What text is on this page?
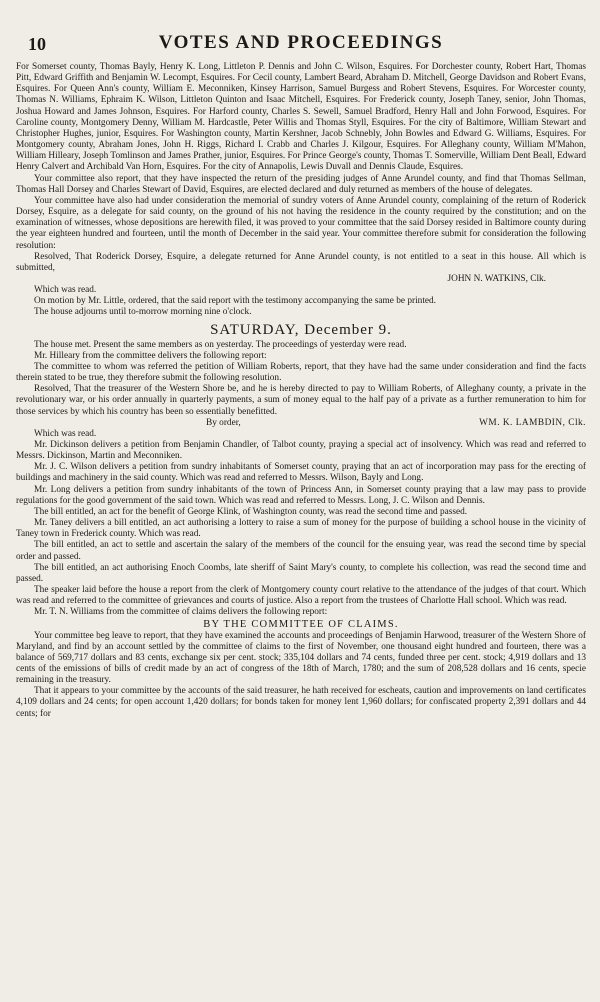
10	VOTES AND PROCEEDINGS

For Somerset county, Thomas Bayly, Henry K. Long, Littleton P. Dennis and John C. Wilson, Esquires. For Dorchester county, Robert Hart, Thomas Pitt, Edward Griffith and Benjamin W. Lecompt, Esquires. For Cecil county, Lambert Beard, Abraham D. Mitchell, George Davidson and Robert Evans, Esquires. For Queen Ann's county, William E. Meconniken, Kinsey Harrison, Samuel Burgess and Robert Stevens, Esquires. For Worcester county, Thomas N. Williams, Ephraim K. Wilson, Littleton Quinton and Isaac Mitchell, Esquires. For Frederick county, Joseph Taney, senior, John Thomas, Joshua Howard and James Johnson, Esquires. For Harford county, Charles S. Sewell, Samuel Bradford, Henry Hall and John Forwood, Esquires. For Caroline county, Montgomery Denny, William M. Hardcastle, Peter Willis and Thomas Styll, Esquires. For the city of Baltimore, William Stewart and Christopher Hughes, junior, Esquires. For Washington county, Martin Kershner, Jacob Schnebly, John Bowles and Edward G. Williams, Esquires. For Montgomery county, Abraham Jones, John H. Riggs, Richard I. Crabb and Charles J. Kilgour, Esquires. For Alleghany county, William M'Mahon, William Hilleary, Joseph Tomlinson and James Prather, junior, Esquires. For Prince George's county, Thomas T. Somerville, William Dent Beall, Edward Henry Calvert and Archibald Van Horn, Esquires. For the city of Annapolis, Lewis Duvall and Dennis Claude, Esquires.

Your committee also report, that they have inspected the return of the presiding judges of Anne Arundel county, and find that Thomas Sellman, Thomas Hall Dorsey and Charles Stewart of David, Esquires, are elected declared and duly returned as members of the house of delegates.

Your committee have also had under consideration the memorial of sundry voters of Anne Arundel county, complaining of the return of Roderick Dorsey, Esquire, as a delegate for said county, on the ground of his not having the residence in the county required by the constitution; and on the examination of witnesses, whose depositions are herewith filed, it was proved to your committee that the said Dorsey resided in Baltimore county during the year eighteen hundred and fourteen, until the month of December in the said year. Your committee therefore submit for consideration the following resolution:

Resolved, That Roderick Dorsey, Esquire, a delegate returned for Anne Arundel county, is not entitled to a seat in this house. All which is submitted,

JOHN N. WATKINS, Clk.

Which was read.

On motion by Mr. Little, ordered, that the said report with the testimony accompanying the same be printed.

The house adjourns until to-morrow morning nine o'clock.

SATURDAY, December 9.

The house met. Present the same members as on yesterday. The proceedings of yesterday were read.

Mr. Hilleary from the committee delivers the following report:

The committee to whom was referred the petition of William Roberts, report, that they have had the same under consideration and find the facts therein stated to be true, they therefore submit the following resolution.

Resolved, That the treasurer of the Western Shore be, and he is hereby directed to pay to William Roberts, of Alleghany county, a private in the revolutionary war, or his order annually in quarterly payments, a sum of money equal to the half pay of a private as a further remuneration to him for those services by which his country has been so essentially benefitted.

By order,	WM. K. LAMBDIN, Clk.

Which was read.

Mr. Dickinson delivers a petition from Benjamin Chandler, of Talbot county, praying a special act of insolvency. Which was read and referred to Messrs. Dickinson, Martin and Meconniken.

Mr. J. C. Wilson delivers a petition from sundry inhabitants of Somerset county, praying that an act of incorporation may pass for the erecting of buildings and machinery in the said county. Which was read and referred to Messrs. Wilson, Bayly and Long.

Mr. Long delivers a petition from sundry inhabitants of the town of Princess Ann, in Somerset county praying that a law may pass to provide regulations for the good government of the said town. Which was read and referred to Messrs. Long, J. C. Wilson and Dennis.

The bill entitled, an act for the benefit of George Klink, of Washington county, was read the second time and passed.

Mr. Taney delivers a bill entitled, an act authorising a lottery to raise a sum of money for the purpose of building a school house in the vicinity of Taney town in Frederick county. Which was read.

The bill entitled, an act to settle and ascertain the salary of the members of the council for the ensuing year, was read the second time by special order and passed.

The bill entitled, an act authorising Enoch Coombs, late sheriff of Saint Mary's county, to complete his collection, was read the second time and passed.

The speaker laid before the house a report from the clerk of Montgomery county court relative to the attendance of the judges of that court. Which was read and referred to the committee of grievances and courts of justice. Also a report from the trustees of Charlotte Hall school. Which was read.

Mr. T. N. Williams from the committee of claims delivers the following report:

BY THE COMMITTEE OF CLAIMS.

Your committee beg leave to report, that they have examined the accounts and proceedings of Benjamin Harwood, treasurer of the Western Shore of Maryland, and find by an account settled by the committee of claims to the first of November, one thousand eight hundred and fourteen, there was a balance of 569,717 dollars and 83 cents, exchange six per cent. stock; 335,104 dollars and 74 cents, funded three per cent. stock; 4,919 dollars and 13 cents of the emissions of bills of credit made by an act of congress of the 18th of March, 1780; and the sum of 208,528 dollars and 16 cents, specie remaining in the treasury.

That it appears to your committee by the accounts of the said treasurer, he hath received for escheats, caution and improvements on land certificates 4,109 dollars and 24 cents; for open account 1,420 dollars; for bonds taken for money lent 1,960 dollars; for confiscated property 2,391 dollars and 44 cents; for
